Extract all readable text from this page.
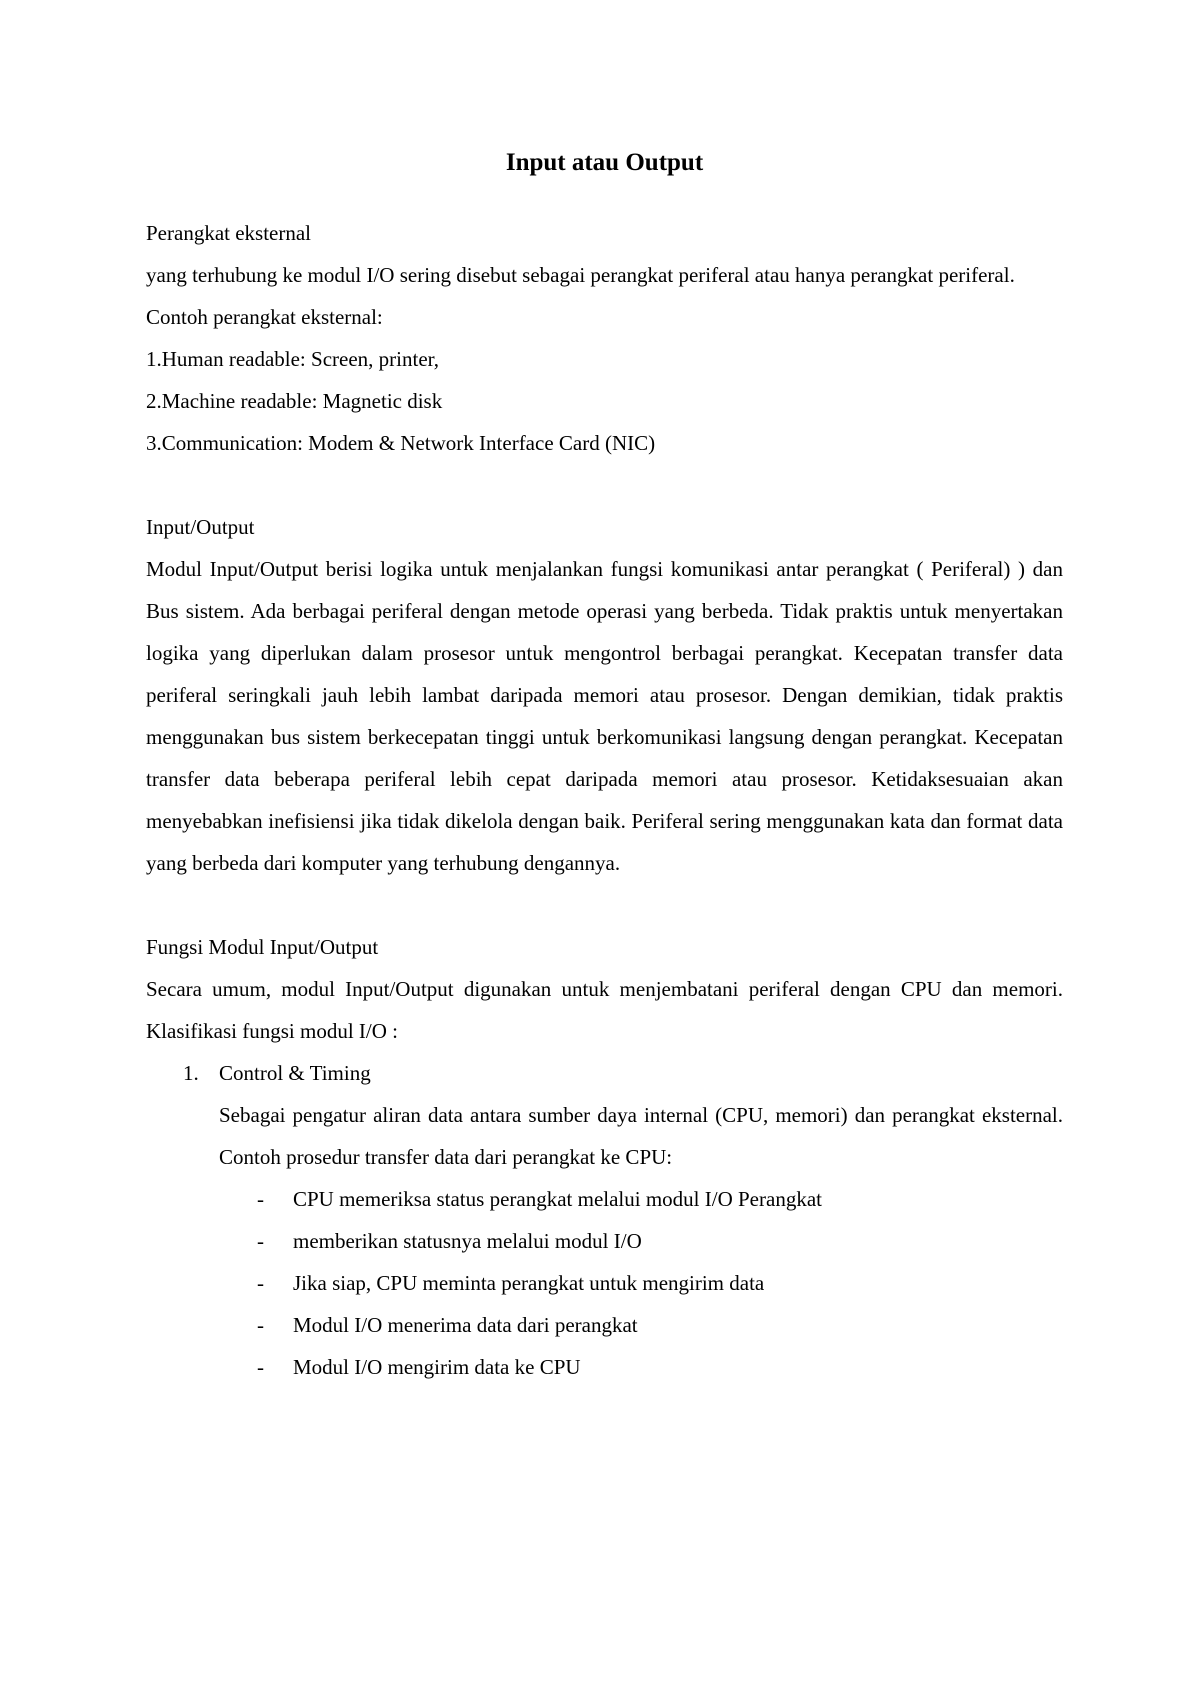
Input atau Output

Perangkat eksternal

yang terhubung ke modul I/O sering disebut sebagai perangkat periferal atau hanya perangkat periferal.

Contoh perangkat eksternal:

1.Human readable: Screen, printer,

2.Machine readable: Magnetic disk

3.Communication: Modem & Network Interface Card (NIC)

Input/Output

Modul Input/Output berisi logika untuk menjalankan fungsi komunikasi antar perangkat ( Periferal) ) dan Bus sistem. Ada berbagai periferal dengan metode operasi yang berbeda. Tidak praktis untuk menyertakan logika yang diperlukan dalam prosesor untuk mengontrol berbagai perangkat. Kecepatan transfer data periferal seringkali jauh lebih lambat daripada memori atau prosesor. Dengan demikian, tidak praktis menggunakan bus sistem berkecepatan tinggi untuk berkomunikasi langsung dengan perangkat. Kecepatan transfer data beberapa periferal lebih cepat daripada memori atau prosesor. Ketidaksesuaian akan menyebabkan inefisiensi jika tidak dikelola dengan baik. Periferal sering menggunakan kata dan format data yang berbeda dari komputer yang terhubung dengannya.

Fungsi Modul Input/Output

Secara umum, modul Input/Output digunakan untuk menjembatani periferal dengan CPU dan memori. Klasifikasi fungsi modul I/O :

1. Control & Timing

Sebagai pengatur aliran data antara sumber daya internal (CPU, memori) dan perangkat eksternal. Contoh prosedur transfer data dari perangkat ke CPU:

- CPU memeriksa status perangkat melalui modul I/O Perangkat
- memberikan statusnya melalui modul I/O
- Jika siap, CPU meminta perangkat untuk mengirim data
- Modul I/O menerima data dari perangkat
- Modul I/O mengirim data ke CPU
